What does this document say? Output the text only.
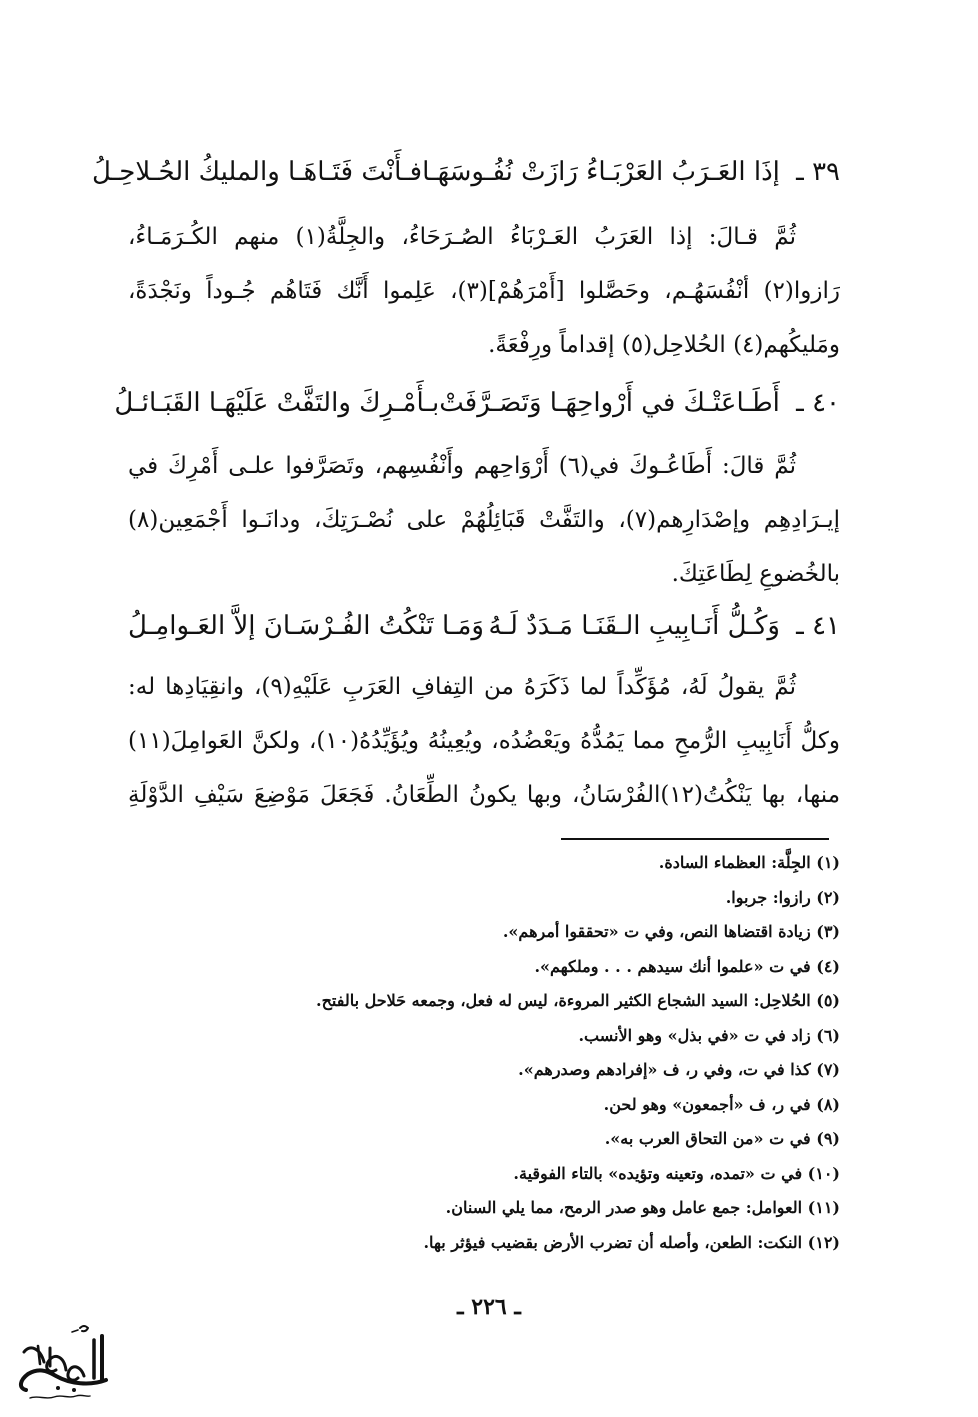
٣٩ ـ إذَا العَـرَبُ العَرْبَـاءُ رَازَتْ نُفُـوسَهَـا
فـأَنْتَ فَتَـاهَـا والمليكُ الحُـلاحِـلُ
ثُمَّ قـالَ: إذا العَرَبُ العَـرْبَاءُ الصُـرَحَاءُ، والجِلَّةُ(١) منهم الكُـرَمَـاءُ،
رَازوا(٢) أنْفُسَهُـم، وحَصَّلوا [أَمْرَهُمْ](٣)، عَلِموا أَنَّك فَتَاهُم جُـوداً ونَجْدَةً،
ومَليكُهم(٤) الحُلاحِل(٥) إقداماً ورِفْعَةً.
٤٠ ـ أَطَـاعَتْـكَ في أَرْواحِهَـا وَتَصَـرَّفَتْ
بـأَمْـرِكَ والتَفَّتْ عَلَيْهَـا القَبَـائـلُ
ثُمَّ قالَ: أَطَاعُـوكَ في(٦) أَرْوَاحِهم وأَنْفُسِهم، وتَصَرَّفوا علـى أَمْرِكَ في
إيـرَادِهِم وإصْدَارِهم(٧)، والتَفَّتْ قَبَائِلُهُمْ على نُصْـرَتِكَ، ودانَـوا أَجْمَعِين(٨)
بالخُضوعِ لِطَاعَتِكَ.
٤١ ـ وَكُـلُّ أَنَـابِيبِ الـقَنَـا مَـدَدٌ لَـهُ
وَمَـا تَنْكُتُ الفُـرْسَـانَ إلاَّ العَـوامِـلُ
ثُمَّ يقولُ لَهُ، مُؤَكِّداً لما ذَكَرَهُ من التِفافِ العَرَبِ عَلَيْهِ(٩)، وانقِيَادِها له:
وكلُّ أَنَابِيبِ الرُّمحِ مما يَمُدُّهُ ويَعْضُدُه، ويُعِينُهُ ويُؤَيِّدُهُ(١٠)، ولكنَّ العَوامِلَ(١١)
منها، بها يَنْكُتُ(١٢)الفُرْسَانُ، وبها يكونُ الطِّعَانُ. فَجَعَلَ مَوْضِعَ سَيْفِ الدَّوْلَةِ
(١) الجِلَّة: العظماء السادة.
(٢) رازوا: جربوا.
(٣) زيادة اقتضاها النص، وفي ت «تحققوا أمرهم».
(٤) في ت «علموا أنك سيدهم . . . وملكهم».
(٥) الحُلاحِل: السيد الشجاع الكثير المروءة، ليس له فعل، وجمعه حَلاحل بالفتح.
(٦) زاد في ت «في بذل» وهو الأنسب.
(٧) كذا في ت، وفي ر، ف «إفرادهم وصدرهم».
(٨) في ر، ف «أجمعون» وهو لحن.
(٩) في ت «من التحاق العرب به».
(١٠) في ت «تمده، وتعينه وتؤيده» بالتاء الفوقية.
(١١) العوامل: جمع عامل وهو صدر الرمح، مما يلي السنان.
(١٢) النكت: الطعن، وأصله أن تضرب الأرض بقضيب فيؤثر بها.
ـ ٢٢٦ ـ
